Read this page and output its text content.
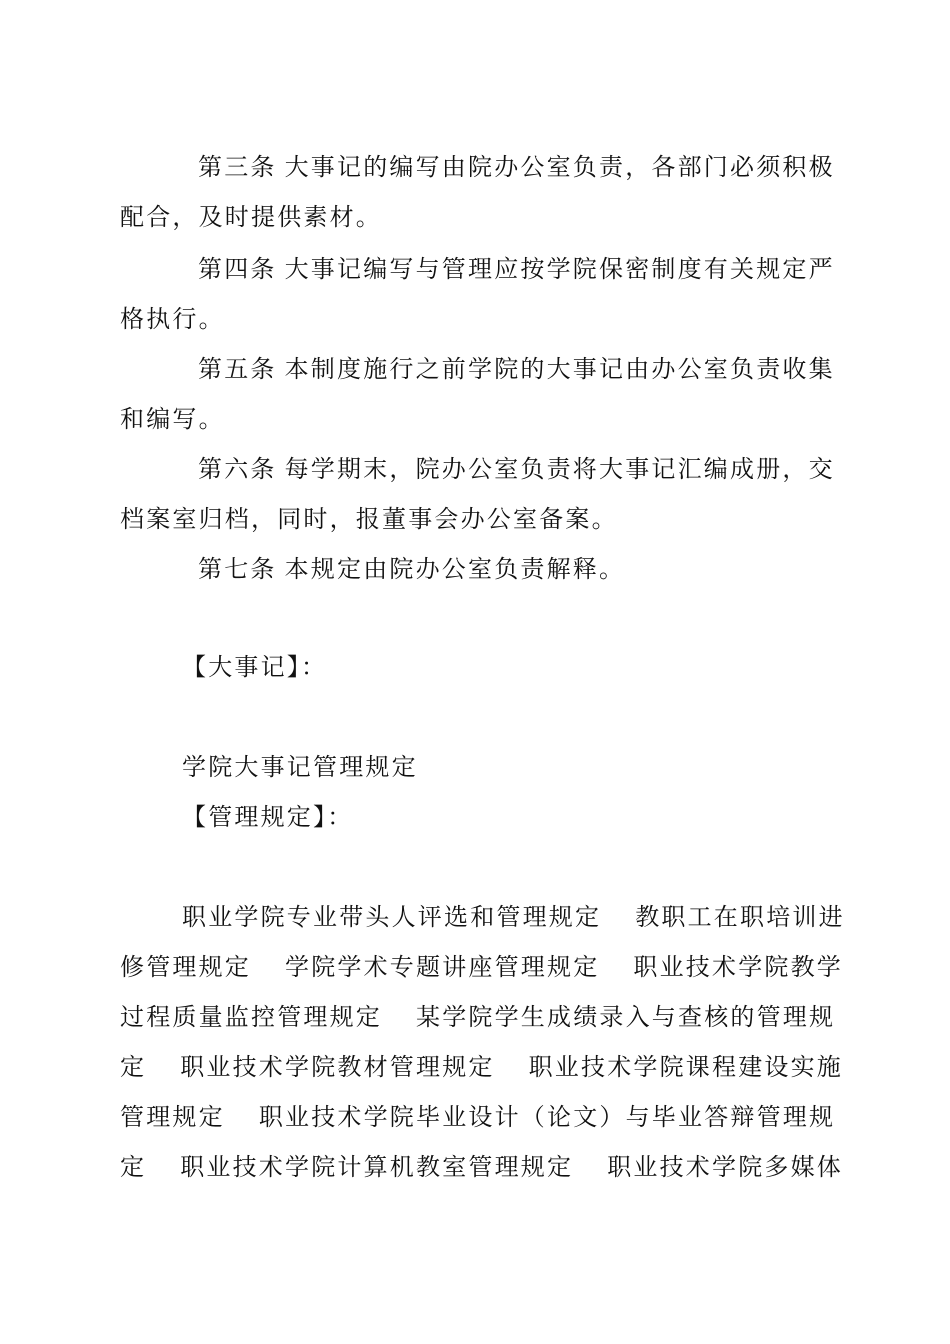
第三条 大事记的编写由院办公室负责，各部门必须积极
配合，及时提供素材。
第四条 大事记编写与管理应按学院保密制度有关规定严
格执行。
第五条 本制度施行之前学院的大事记由办公室负责收集
和编写。
第六条 每学期末，院办公室负责将大事记汇编成册，交
档案室归档，同时，报董事会办公室备案。
第七条 本规定由院办公室负责解释。
【大事记】：
学院大事记管理规定
【管理规定】：
职业学院专业带头人评选和管理规定 教职工在职培训进
修管理规定 学院学术专题讲座管理规定 职业技术学院教学
过程质量监控管理规定 某学院学生成绩录入与查核的管理规
定 职业技术学院教材管理规定 职业技术学院课程建设实施
管理规定 职业技术学院毕业设计（论文）与毕业答辩管理规
定 职业技术学院计算机教室管理规定 职业技术学院多媒体
